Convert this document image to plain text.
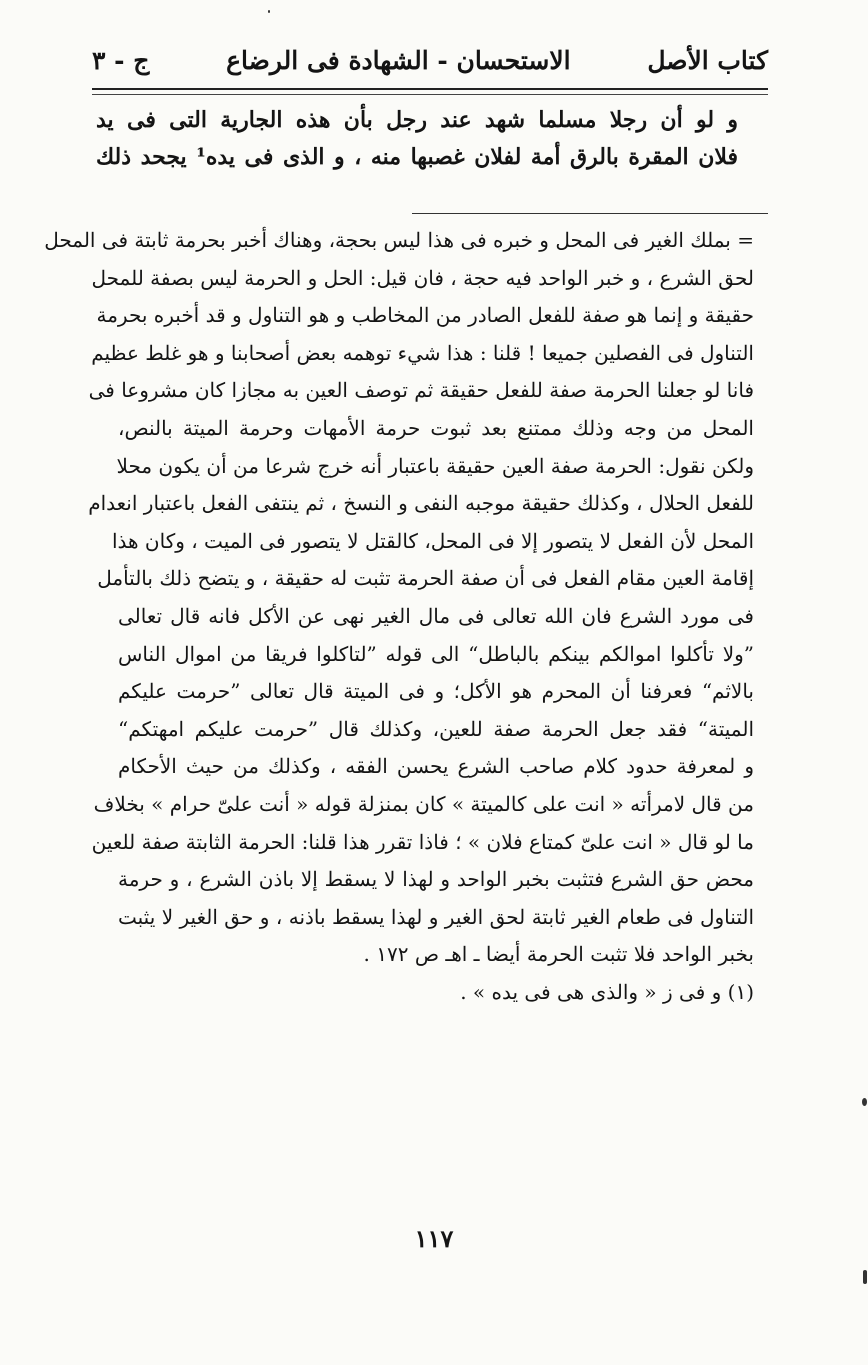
كتاب الأصل
الاستحسان - الشهادة فى الرضاع
ج - ٣
و لو أن رجلا مسلما شهد عند رجل بأن هذه الجارية التى فى يد
فلان المقرة بالرق أمة لفلان غصبها منه ، و الذى فى يده¹ يجحد ذلك
= بملك الغير فى المحل و خبره فى هذا ليس بحجة، وهناك أخبر بحرمة ثابتة فى المحل
لحق الشرع ، و خبر الواحد فيه حجة ، فان قيل: الحل و الحرمة ليس بصفة للمحل
حقيقة و إنما هو صفة للفعل الصادر من المخاطب و هو التناول و قد أخبره بحرمة
التناول فى الفصلين جميعا ! قلنا : هذا شيء توهمه بعض أصحابنا و هو غلط عظيم
فانا لو جعلنا الحرمة صفة للفعل حقيقة ثم توصف العين به مجازا كان مشروعا فى
المحل من وجه وذلك ممتنع بعد ثبوت حرمة الأمهات وحرمة الميتة بالنص،
ولكن نقول: الحرمة صفة العين حقيقة باعتبار أنه خرج شرعا من أن يكون محلا
للفعل الحلال ، وكذلك حقيقة موجبه النفى و النسخ ، ثم ينتفى الفعل باعتبار انعدام
المحل لأن الفعل لا يتصور إلا فى المحل، كالقتل لا يتصور فى الميت ، وكان هذا
إقامة العين مقام الفعل فى أن صفة الحرمة تثبت له حقيقة ، و يتضح ذلك بالتأمل
فى مورد الشرع فان الله تعالى فى مال الغير نهى عن الأكل فانه قال تعالى
”ولا تأكلوا اموالكم بينكم بالباطل“ الى قوله ”لتاكلوا فريقا من اموال الناس
بالاثم“ فعرفنا أن المحرم هو الأكل؛ و فى الميتة قال تعالى ”حرمت عليكم
الميتة“ فقد جعل الحرمة صفة للعين، وكذلك قال ”حرمت عليكم امهتكم“
و لمعرفة حدود كلام صاحب الشرع يحسن الفقه ، وكذلك من حيث الأحكام
من قال لامرأته « انت على كالميتة » كان بمنزلة قوله « أنت علىّ حرام » بخلاف
ما لو قال « انت علىّ كمتاع فلان » ؛ فاذا تقرر هذا قلنا: الحرمة الثابتة صفة للعين
محض حق الشرع فتثبت بخبر الواحد و لهذا لا يسقط إلا باذن الشرع ، و حرمة
التناول فى طعام الغير ثابتة لحق الغير و لهذا يسقط باذنه ، و حق الغير لا يثبت
بخبر الواحد فلا تثبت الحرمة أيضا ـ اهـ ص ١٧٢ .
(١) و فى ز « والذى هى فى يده » .
١١٧
